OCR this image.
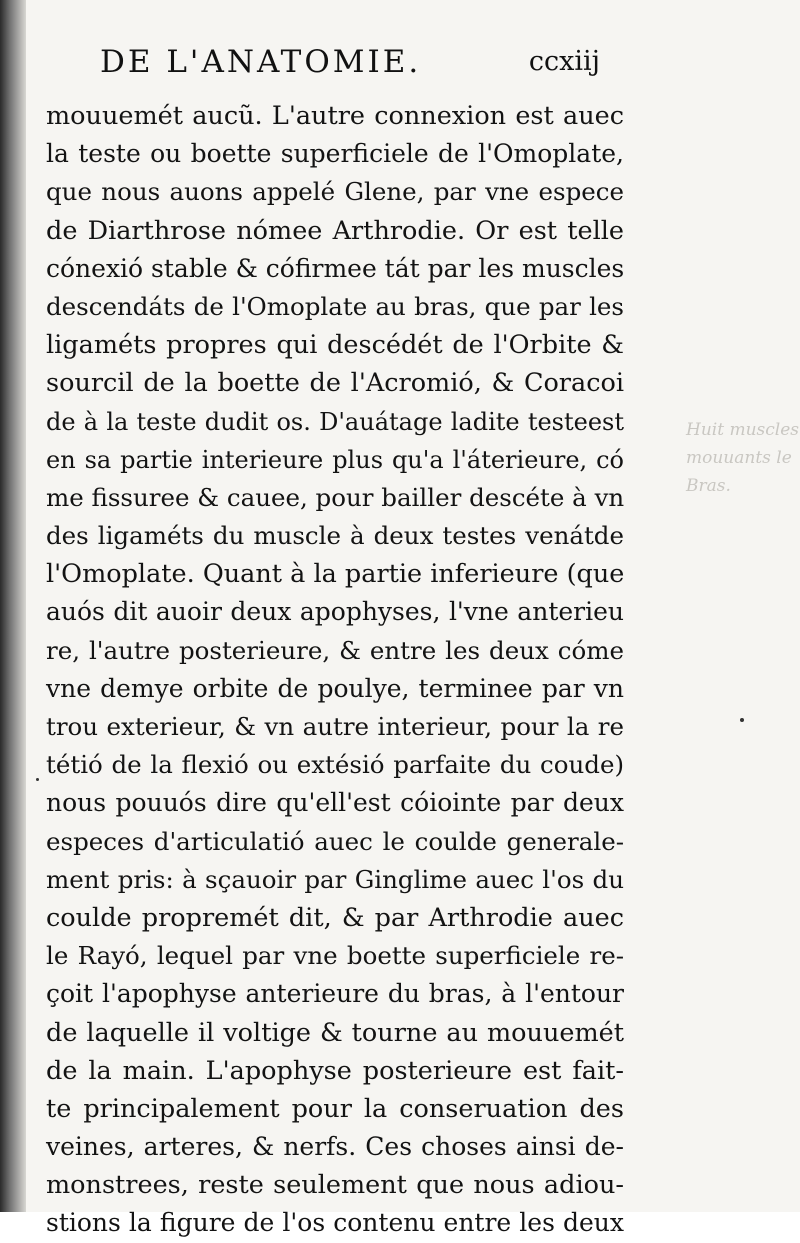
DE L'ANATOMIE.	ccxiij
mouuemét aucũ. L'autre connexion est auec
la teste ou boette superficiele de l'Omoplate,
que nous auons appelé Glene, par vne espece
de Diarthrose nómee Arthrodie. Or est telle
cónexió stable & cófirmee tát par les muscles
descendáts de l'Omoplate au bras, que par les
ligaméts propres qui descédét de l'Orbite &
sourcil de la boette de l'Acromió, & Coracoi
de à la teste dudit os. D'auátage ladite testeest
en sa partie interieure plus qu'a l'áterieure, có
me fissuree & cauee, pour bailler descéte à vn
des ligaméts du muscle à deux testes venátde
l'Omoplate. Quant à la partie inferieure (que
auós dit auoir deux apophyses, l'vne anterieu
re, l'autre posterieure, & entre les deux cóme
vne demye orbite de poulye, terminee par vn
trou exterieur, & vn autre interieur, pour la re
tétió de la flexió ou extésió parfaite du coude)
nous pouuós dire qu'ell'est cóiointe par deux
especes d'articulatió auec le coulde generale-
ment pris: à sçauoir par Ginglime auec l'os du
coulde propremét dit, & par Arthrodie auec
le Rayó, lequel par vne boette superficiele re-
çoit l'apophyse anterieure du bras, à l'entour
de laquelle il voltige & tourne au mouuemét
de la main. L'apophyse posterieure est fait-
te principalement pour la conseruation des
veines, arteres, & nerfs. Ces choses ainsi de-
monstrees, reste seulement que nous adiou-
stions la figure de l'os contenu entre les deux
Huit muscles
mouuants le
Bras.
